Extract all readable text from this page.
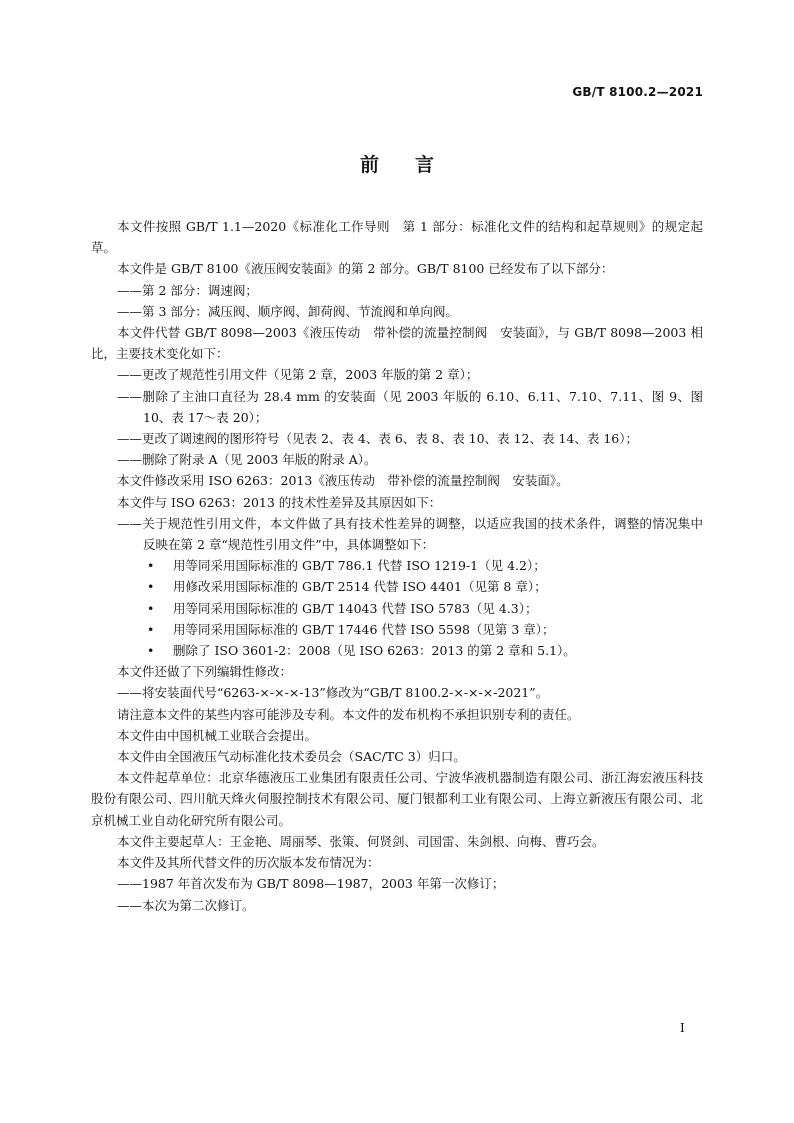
GB/T 8100.2—2021
前言

本文件按照 GB/T 1.1—2020《标准化工作导则　第 1 部分：标准化文件的结构和起草规则》的规定起草。

本文件是 GB/T 8100《液压阀安装面》的第 2 部分。GB/T 8100 已经发布了以下部分：

——第 2 部分：调速阀；

——第 3 部分：减压阀、顺序阀、卸荷阀、节流阀和单向阀。

本文件代替 GB/T 8098—2003《液压传动　带补偿的流量控制阀　安装面》，与 GB/T 8098—2003 相比，主要技术变化如下：

——更改了规范性引用文件（见第 2 章，2003 年版的第 2 章）；

——删除了主油口直径为 28.4 mm 的安装面（见 2003 年版的 6.10、6.11、7.10、7.11、图 9、图 10、表 17～表 20）；

——更改了调速阀的图形符号（见表 2、表 4、表 6、表 8、表 10、表 12、表 14、表 16）；

——删除了附录 A（见 2003 年版的附录 A）。

本文件修改采用 ISO 6263：2013《液压传动　带补偿的流量控制阀　安装面》。

本文件与 ISO 6263：2013 的技术性差异及其原因如下：

——关于规范性引用文件，本文件做了具有技术性差异的调整，以适应我国的技术条件，调整的情况集中反映在第 2 章“规范性引用文件”中，具体调整如下：

• 用等同采用国际标准的 GB/T 786.1 代替 ISO 1219-1（见 4.2）；

• 用修改采用国际标准的 GB/T 2514 代替 ISO 4401（见第 8 章）；

• 用等同采用国际标准的 GB/T 14043 代替 ISO 5783（见 4.3）；

• 用等同采用国际标准的 GB/T 17446 代替 ISO 5598（见第 3 章）；

• 删除了 ISO 3601-2：2008（见 ISO 6263：2013 的第 2 章和 5.1）。

本文件还做了下列编辑性修改：

——将安装面代号“6263-×-×-×-13”修改为“GB/T 8100.2-×-×-×-2021”。

请注意本文件的某些内容可能涉及专利。本文件的发布机构不承担识别专利的责任。

本文件由中国机械工业联合会提出。

本文件由全国液压气动标准化技术委员会（SAC/TC 3）归口。

本文件起草单位：北京华德液压工业集团有限责任公司、宁波华液机器制造有限公司、浙江海宏液压科技股份有限公司、四川航天烽火伺服控制技术有限公司、厦门银都利工业有限公司、上海立新液压有限公司、北京机械工业自动化研究所有限公司。

本文件主要起草人：王金艳、周丽琴、张策、何贤剑、司国雷、朱剑根、向梅、曹巧会。

本文件及其所代替文件的历次版本发布情况为：

——1987 年首次发布为 GB/T 8098—1987，2003 年第一次修订；

——本次为第二次修订。

I
